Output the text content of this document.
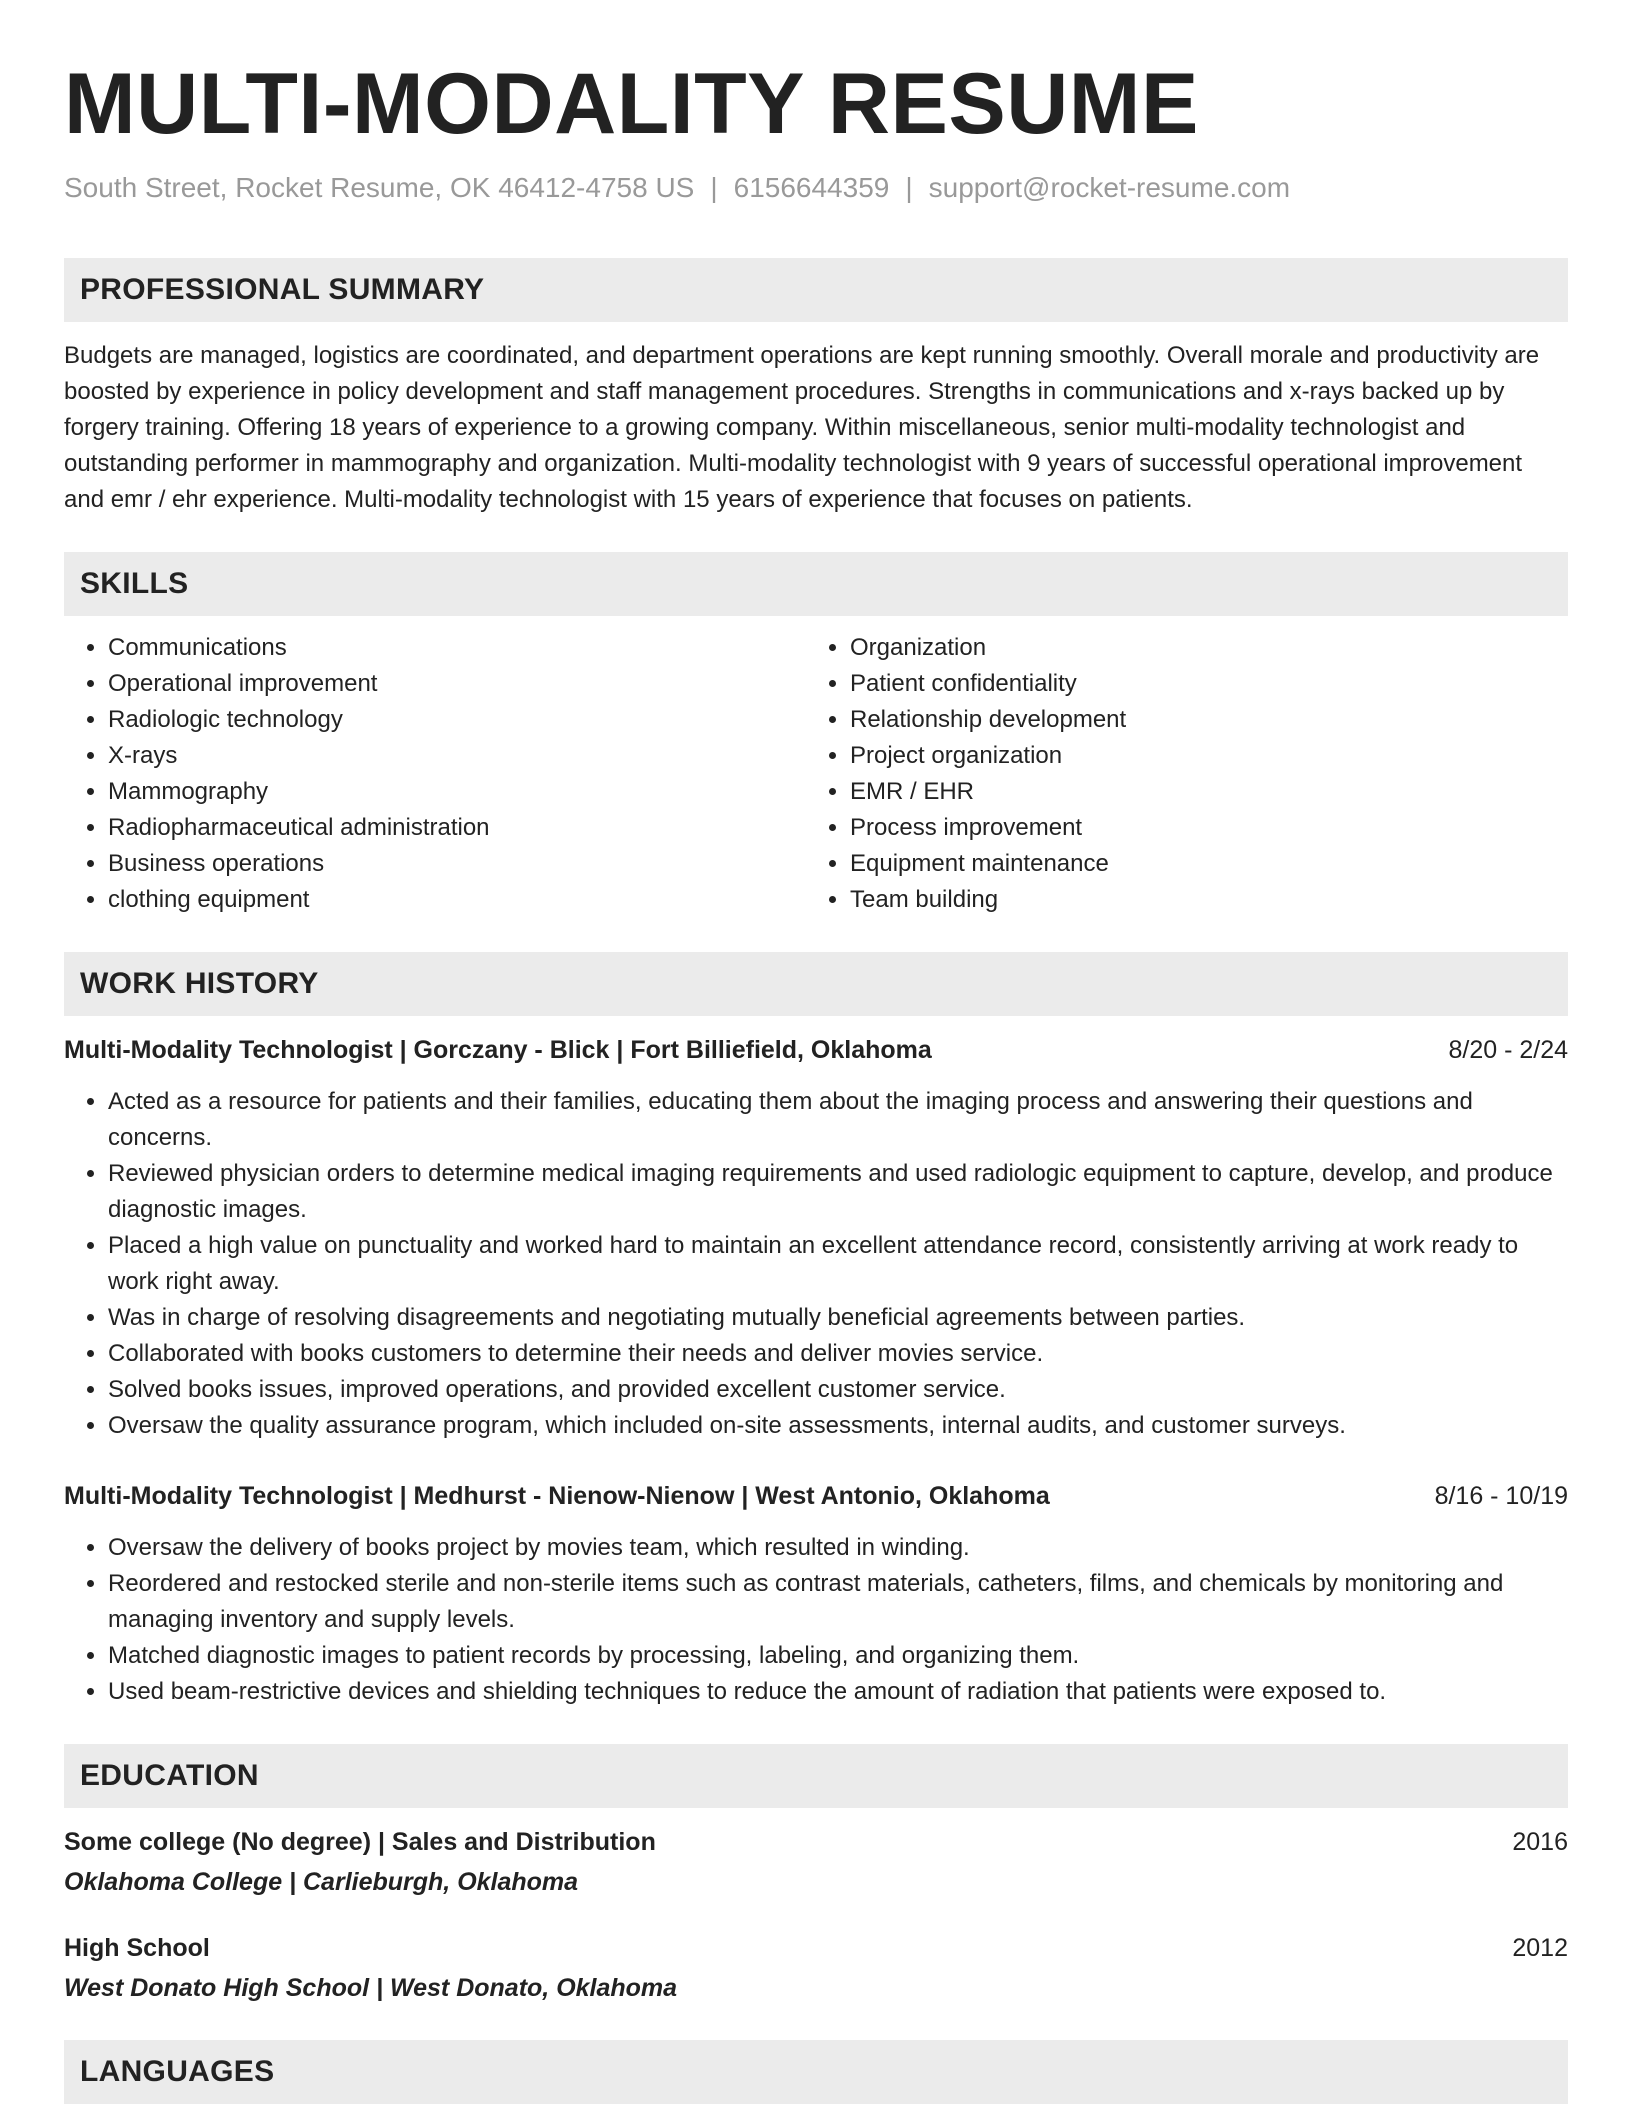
MULTI-MODALITY RESUME
South Street, Rocket Resume, OK 46412-4758 US | 6156644359 | support@rocket-resume.com
PROFESSIONAL SUMMARY
Budgets are managed, logistics are coordinated, and department operations are kept running smoothly. Overall morale and productivity are boosted by experience in policy development and staff management procedures. Strengths in communications and x-rays backed up by forgery training. Offering 18 years of experience to a growing company. Within miscellaneous, senior multi-modality technologist and outstanding performer in mammography and organization. Multi-modality technologist with 9 years of successful operational improvement and emr / ehr experience. Multi-modality technologist with 15 years of experience that focuses on patients.
SKILLS
• Communications
• Operational improvement
• Radiologic technology
• X-rays
• Mammography
• Radiopharmaceutical administration
• Business operations
• clothing equipment
• Organization
• Patient confidentiality
• Relationship development
• Project organization
• EMR / EHR
• Process improvement
• Equipment maintenance
• Team building
WORK HISTORY
Multi-Modality Technologist | Gorczany - Blick | Fort Billiefield, Oklahoma	8/20 - 2/24
• Acted as a resource for patients and their families, educating them about the imaging process and answering their questions and concerns.
• Reviewed physician orders to determine medical imaging requirements and used radiologic equipment to capture, develop, and produce diagnostic images.
• Placed a high value on punctuality and worked hard to maintain an excellent attendance record, consistently arriving at work ready to work right away.
• Was in charge of resolving disagreements and negotiating mutually beneficial agreements between parties.
• Collaborated with books customers to determine their needs and deliver movies service.
• Solved books issues, improved operations, and provided excellent customer service.
• Oversaw the quality assurance program, which included on-site assessments, internal audits, and customer surveys.
Multi-Modality Technologist | Medhurst - Nienow-Nienow | West Antonio, Oklahoma	8/16 - 10/19
• Oversaw the delivery of books project by movies team, which resulted in winding.
• Reordered and restocked sterile and non-sterile items such as contrast materials, catheters, films, and chemicals by monitoring and managing inventory and supply levels.
• Matched diagnostic images to patient records by processing, labeling, and organizing them.
• Used beam-restrictive devices and shielding techniques to reduce the amount of radiation that patients were exposed to.
EDUCATION
Some college (No degree) | Sales and Distribution	2016
Oklahoma College | Carlieburgh, Oklahoma
High School	2012
West Donato High School | West Donato, Oklahoma
LANGUAGES
